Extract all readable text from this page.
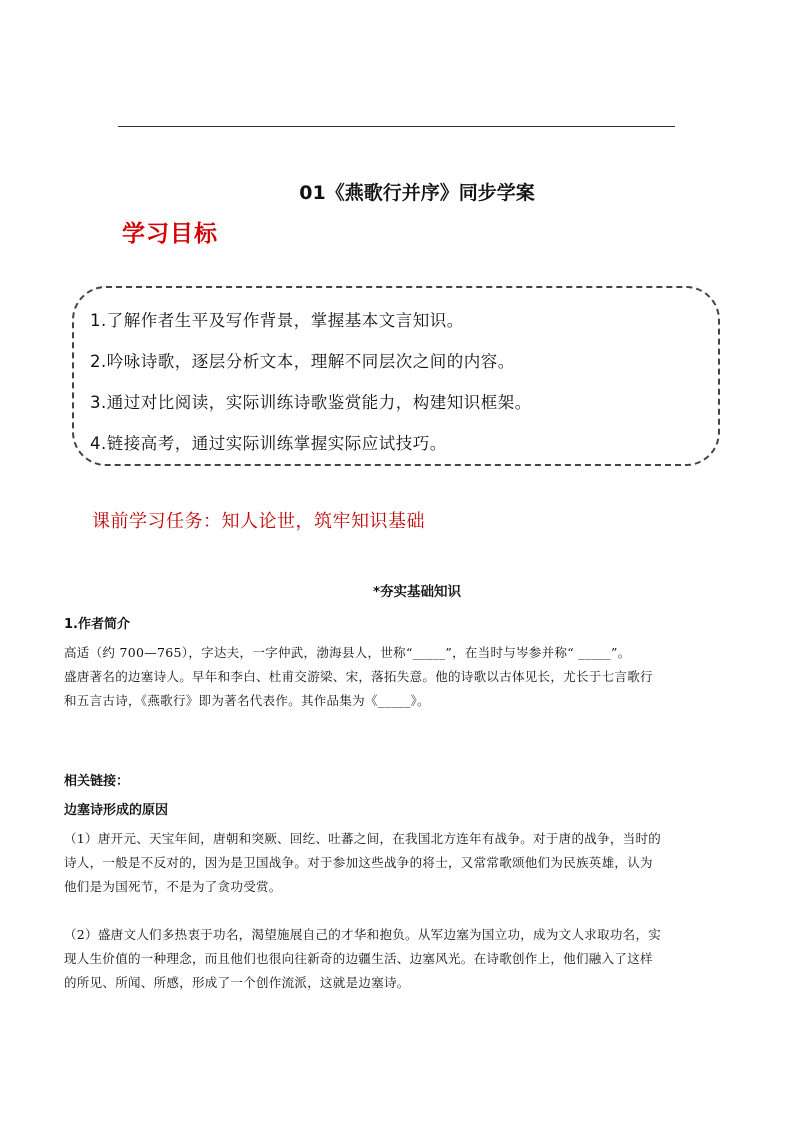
01《燕歌行并序》同步学案
学习目标
1.了解作者生平及写作背景，掌握基本文言知识。
2.吟咏诗歌，逐层分析文本，理解不同层次之间的内容。
3.通过对比阅读，实际训练诗歌鉴赏能力，构建知识框架。
4.链接高考，通过实际训练掌握实际应试技巧。
课前学习任务：知人论世，筑牢知识基础
*夯实基础知识
1.作者简介

高适（约 700—765），字达夫，一字仲武，渤海县人，世称“_____”，在当时与岑参并称“ _____”。

盛唐著名的边塞诗人。早年和李白、杜甫交游梁、宋，落拓失意。他的诗歌以古体见长，尤长于七言歌行

和五言古诗，《燕歌行》即为著名代表作。其作品集为《_____》。

相关链接：
边塞诗形成的原因

（1）唐开元、天宝年间，唐朝和突厥、回纥、吐蕃之间，在我国北方连年有战争。对于唐的战争，当时的

诗人，一般是不反对的，因为是卫国战争。对于参加这些战争的将士，又常常歌颂他们为民族英雄，认为

他们是为国死节，不是为了贪功受赏。

（2）盛唐文人们多热衷于功名，渴望施展自己的才华和抱负。从军边塞为国立功，成为文人求取功名，实

现人生价值的一种理念，而且他们也很向往新奇的边疆生活、边塞风光。在诗歌创作上，他们融入了这样

的所见、所闻、所感，形成了一个创作流派，这就是边塞诗。
